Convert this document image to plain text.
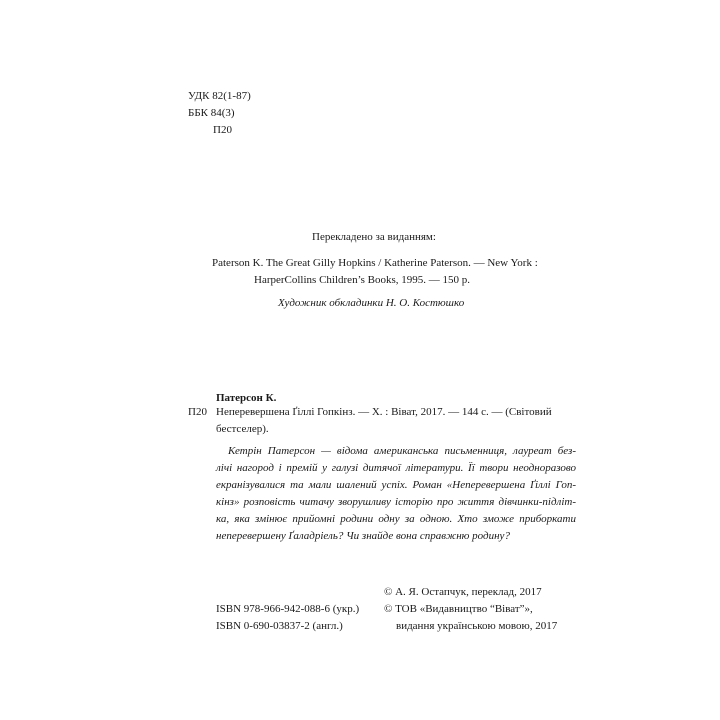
УДК 82(1-87)
ББК 84(3)
П20
Перекладено за виданням:
Paterson K. The Great Gilly Hopkins / Katherine Paterson. — New York :
HarperCollins Children’s Books, 1995. — 150 p.
Художник обкладинки Н. О. Костюшко
Патерсон К.
П20 Неперевершена Ґіллі Гопкінз. — Х. : Віват, 2017. — 144 с. — (Світовий
бестселер).
Кетрін Патерсон — відома американська письменниця, лауреат без-
лічі нагород і премій у галузі дитячої літератури. Її твори неодноразово
екранізувалися та мали шалений успіх. Роман «Неперевершена Ґіллі Гоп-
кінз» розповість читачу зворушливу історію про життя дівчинки-підліт-
ка, яка змінює прийомні родини одну за одною. Хто зможе приборкати
неперевершену Ґаладріель? Чи знайде вона справжню родину?
ISBN 978-966-942-088-6 (укр.)
ISBN 0-690-03837-2 (англ.)
© А. Я. Остапчук, переклад, 2017
© ТОВ «Видавництво “Віват”»,
видання українською мовою, 2017
